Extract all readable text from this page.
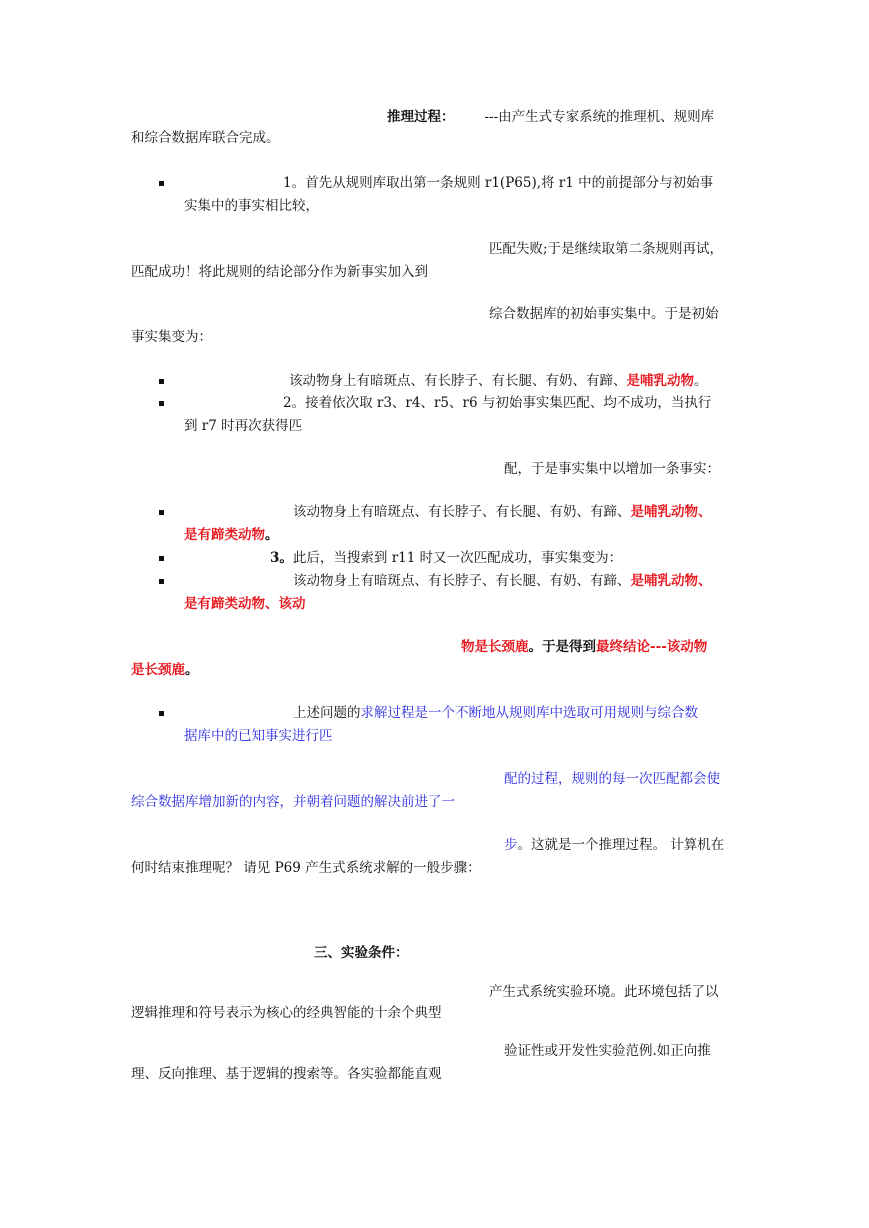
推理过程： ---由产生式专家系统的推理机、规则库
和综合数据库联合完成。
1。首先从规则库取出第一条规则 r1(P65),将 r1 中的前提部分与初始事
实集中的事实相比较，
匹配失败;于是继续取第二条规则再试，
匹配成功！将此规则的结论部分作为新事实加入到
综合数据库的初始事实集中。于是初始
事实集变为：
该动物身上有暗斑点、有长脖子、有长腿、有奶、有蹄、是哺乳动物。
2。接着依次取 r3、r4、r5、r6 与初始事实集匹配、均不成功，当执行
到 r7 时再次获得匹
配，于是事实集中以增加一条事实：
该动物身上有暗斑点、有长脖子、有长腿、有奶、有蹄、是哺乳动物、
是有蹄类动物。
3。此后，当搜索到 r11 时又一次匹配成功，事实集变为：
该动物身上有暗斑点、有长脖子、有长腿、有奶、有蹄、是哺乳动物、
是有蹄类动物、该动
物是长颈鹿。于是得到最终结论---该动物
是长颈鹿。
上述问题的求解过程是一个不断地从规则库中选取可用规则与综合数
据库中的已知事实进行匹
配的过程，规则的每一次匹配都会使
综合数据库增加新的内容，并朝着问题的解决前进了一
步。这就是一个推理过程。 计算机在
何时结束推理呢？ 请见 P69 产生式系统求解的一般步骤：
三、实验条件：
产生式系统实验环境。此环境包括了以
逻辑推理和符号表示为核心的经典智能的十余个典型
验证性或开发性实验范例.如正向推
理、反向推理、基于逻辑的搜索等。各实验都能直观
